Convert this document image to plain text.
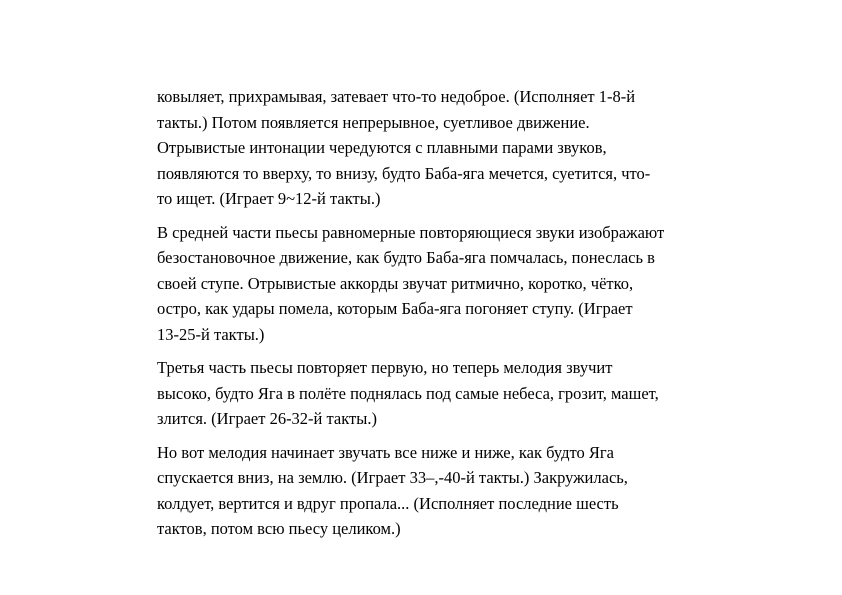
ковыляет, прихрамывая, затевает что-то недоброе. (Исполняет 1-8-й
такты.) Потом появляется непрерывное, суетливое движение.
Отрывистые интонации чередуются с плавными парами звуков,
появляются то вверху, то внизу, будто Баба-яга мечется, суетится, что-
то ищет. (Играет 9~12-й такты.)

В средней части пьесы равномерные повторяющиеся звуки изображают
безостановочное движение, как будто Баба-яга помчалась, понеслась в
своей ступе. Отрывистые аккорды звучат ритмично, коротко, чётко,
остро, как удары помела, которым Баба-яга погоняет ступу. (Играет
13-25-й такты.)

Третья часть пьесы повторяет первую, но теперь мелодия звучит
высоко, будто Яга в полёте поднялась под самые небеса, грозит, машет,
злится. (Играет 26-32-й такты.)

Но вот мелодия начинает звучать все ниже и ниже, как будто Яга
спускается вниз, на землю. (Играет 33–,-40-й такты.) Закружилась,
колдует, вертится и вдруг пропала... (Исполняет последние шесть
тактов, потом всю пьесу целиком.)
